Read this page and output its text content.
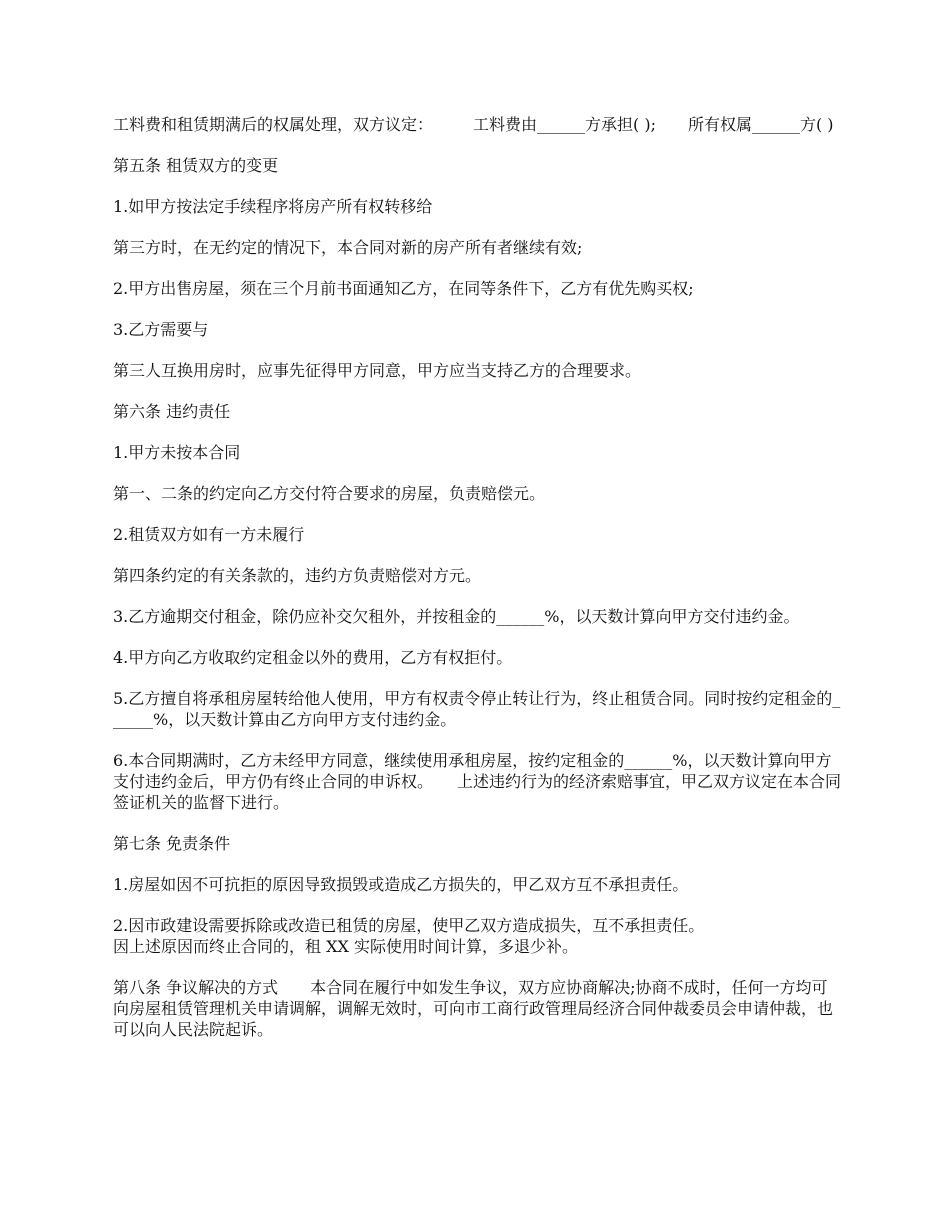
工料费和租赁期满后的权属处理，双方议定：　　　工料费由______方承担( );　　所有权属______方( )

第五条 租赁双方的变更

1.如甲方按法定手续程序将房产所有权转移给

第三方时，在无约定的情况下，本合同对新的房产所有者继续有效;

2.甲方出售房屋，须在三个月前书面通知乙方，在同等条件下，乙方有优先购买权;

3.乙方需要与

第三人互换用房时，应事先征得甲方同意，甲方应当支持乙方的合理要求。

第六条 违约责任

1.甲方未按本合同

第一、二条的约定向乙方交付符合要求的房屋，负责赔偿元。

2.租赁双方如有一方未履行

第四条约定的有关条款的，违约方负责赔偿对方元。

3.乙方逾期交付租金，除仍应补交欠租外，并按租金的______%，以天数计算向甲方交付违约金。

4.甲方向乙方收取约定租金以外的费用，乙方有权拒付。

5.乙方擅自将承租房屋转给他人使用，甲方有权责令停止转让行为，终止租赁合同。同时按约定租金的______%，以天数计算由乙方向甲方支付违约金。

6.本合同期满时，乙方未经甲方同意，继续使用承租房屋，按约定租金的______%，以天数计算向甲方支付违约金后，甲方仍有终止合同的申诉权。　　上述违约行为的经济索赔事宜，甲乙双方议定在本合同签证机关的监督下进行。

第七条 免责条件

1.房屋如因不可抗拒的原因导致损毁或造成乙方损失的，甲乙双方互不承担责任。

2.因市政建设需要拆除或改造已租赁的房屋，使甲乙双方造成损失，互不承担责任。
因上述原因而终止合同的，租 XX 实际使用时间计算，多退少补。

第八条 争议解决的方式　　本合同在履行中如发生争议，双方应协商解决;协商不成时，任何一方均可向房屋租赁管理机关申请调解，调解无效时，可向市工商行政管理局经济合同仲裁委员会申请仲裁，也可以向人民法院起诉。
